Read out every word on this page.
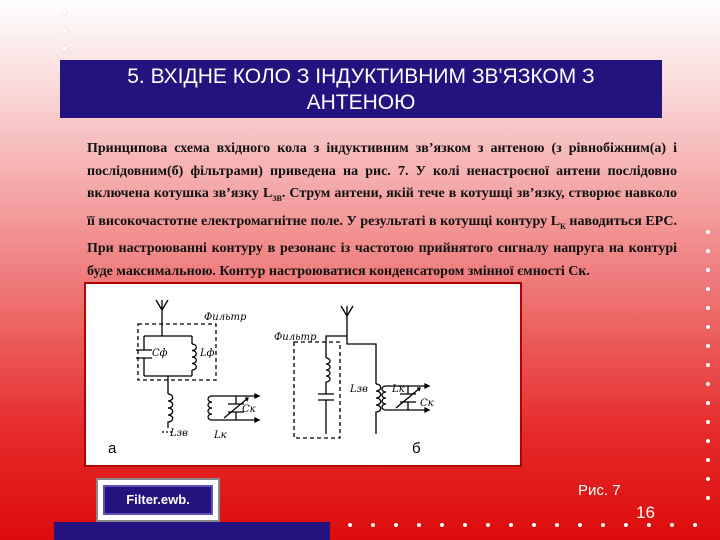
5. ВХІДНЕ КОЛО З ІНДУКТИВНИМ ЗВ'ЯЗКОМ З
АНТЕНОЮ
Принципова схема вхідного кола з індуктивним зв’язком з антеною (з рівнобіжним(а) і послідовним(б) фільтрами) приведена на рис. 7. У колі ненастроєної антени послідовно включена котушка зв’язку $L_{ЗВ}$. Струм антени, якій тече в котушці зв’язку, створює навколо її високочастотне електромагнітне поле. У результаті в котушці контуру $L_К$ наводиться ЕРС. При настроюванні контуру в резонанс із частотою прийнятого сигналу напруга на контурі буде максимальною. Контур настроюватися конденсатором змінної ємності Ск.
Фильтр
Cф	Lф
Lзв	Lк
Cк
Фильтр
Lзв Lк
Cк
а	б
Рис. 7
16
Filter.ewb.
